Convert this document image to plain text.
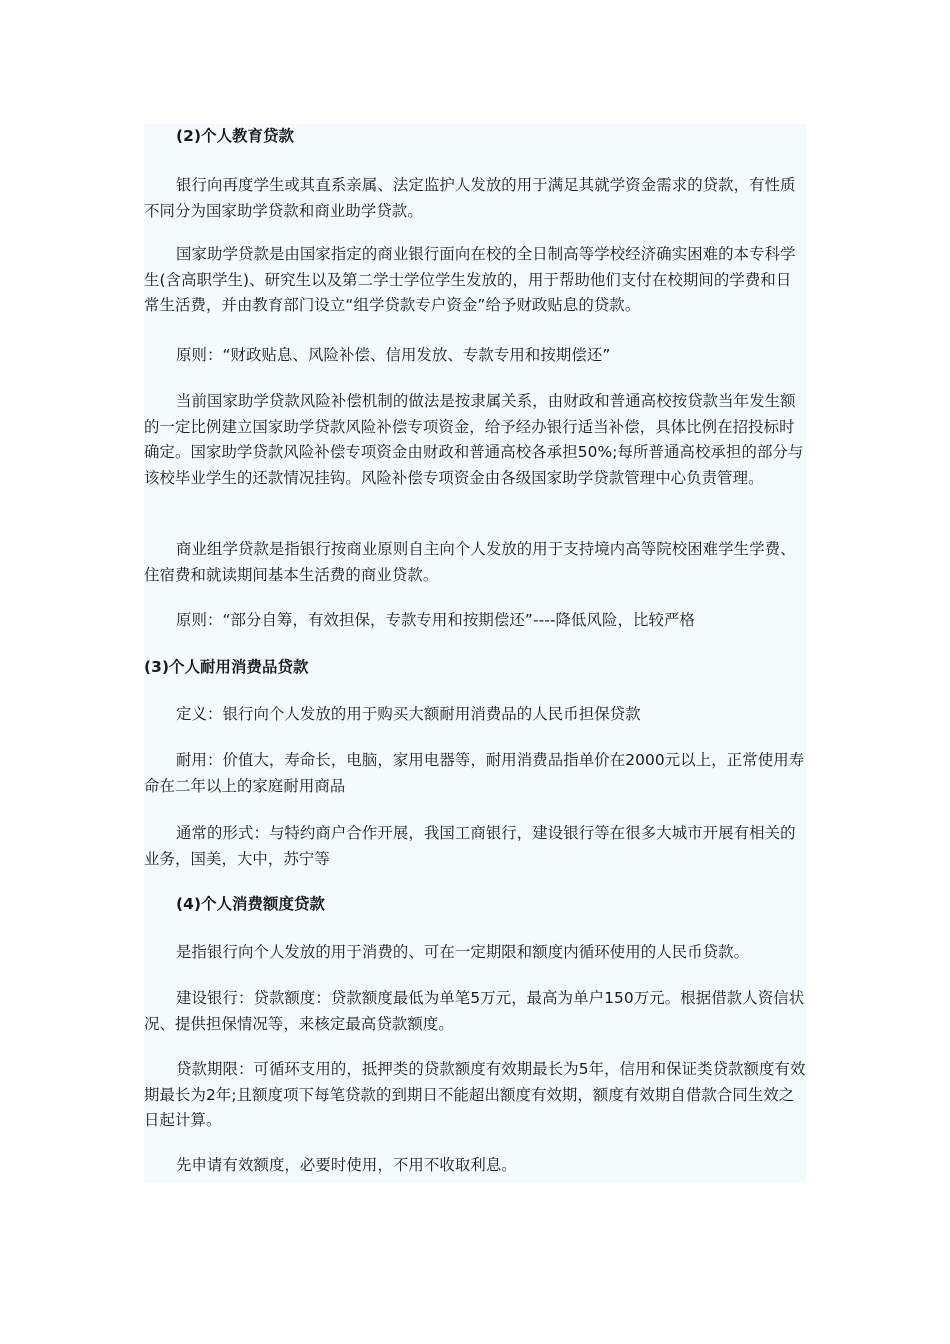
(2)个人教育贷款

银行向再度学生或其直系亲属、法定监护人发放的用于满足其就学资金需求的贷款，有性质不同分为国家助学贷款和商业助学贷款。

国家助学贷款是由国家指定的商业银行面向在校的全日制高等学校经济确实困难的本专科学生(含高职学生)、研究生以及第二学士学位学生发放的，用于帮助他们支付在校期间的学费和日常生活费，并由教育部门设立“组学贷款专户资金”给予财政贴息的贷款。

原则：“财政贴息、风险补偿、信用发放、专款专用和按期偿还”

当前国家助学贷款风险补偿机制的做法是按隶属关系，由财政和普通高校按贷款当年发生额的一定比例建立国家助学贷款风险补偿专项资金，给予经办银行适当补偿，具体比例在招投标时确定。国家助学贷款风险补偿专项资金由财政和普通高校各承担50%;每所普通高校承担的部分与该校毕业学生的还款情况挂钩。风险补偿专项资金由各级国家助学贷款管理中心负责管理。

商业组学贷款是指银行按商业原则自主向个人发放的用于支持境内高等院校困难学生学费、住宿费和就读期间基本生活费的商业贷款。

原则：“部分自筹，有效担保，专款专用和按期偿还”----降低风险，比较严格

(3)个人耐用消费品贷款

定义：银行向个人发放的用于购买大额耐用消费品的人民币担保贷款

耐用：价值大，寿命长，电脑，家用电器等，耐用消费品指单价在2000元以上，正常使用寿命在二年以上的家庭耐用商品

通常的形式：与特约商户合作开展，我国工商银行，建设银行等在很多大城市开展有相关的业务，国美，大中，苏宁等

(4)个人消费额度贷款

是指银行向个人发放的用于消费的、可在一定期限和额度内循环使用的人民币贷款。

建设银行：贷款额度：贷款额度最低为单笔5万元，最高为单户150万元。根据借款人资信状况、提供担保情况等，来核定最高贷款额度。

贷款期限：可循环支用的，抵押类的贷款额度有效期最长为5年，信用和保证类贷款额度有效期最长为2年;且额度项下每笔贷款的到期日不能超出额度有效期，额度有效期自借款合同生效之日起计算。

先申请有效额度，必要时使用，不用不收取利息。
